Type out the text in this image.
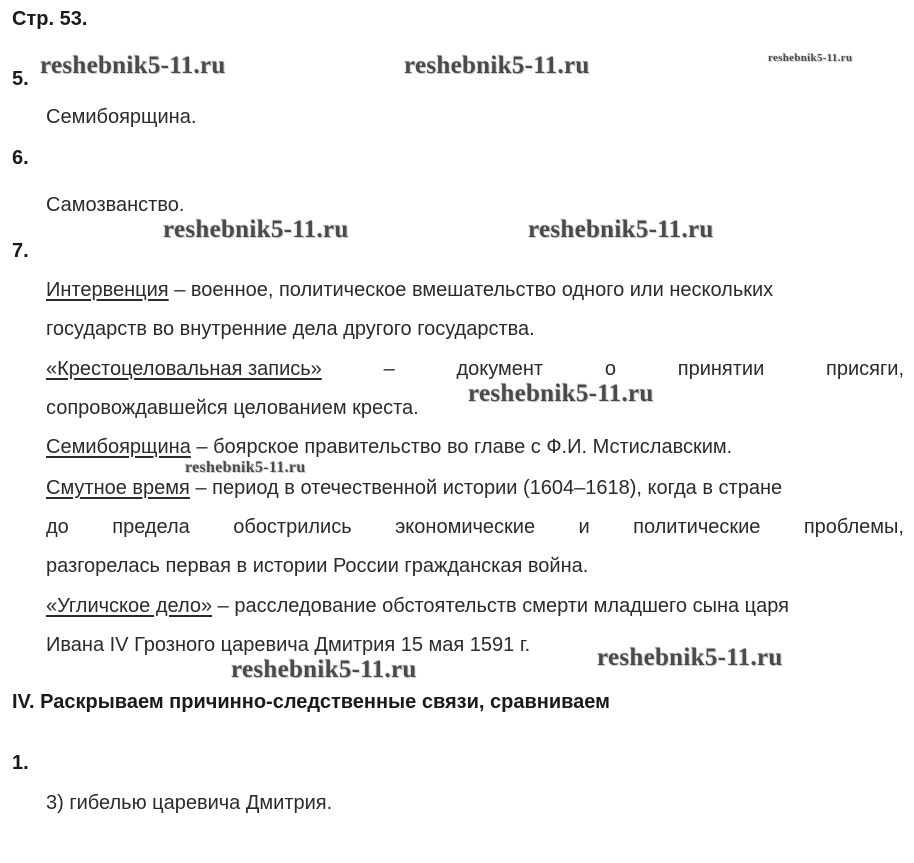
Стр. 53.
5.
Семибоярщина.
6.
Самозванство.
7.
Интервенция – военное, политическое вмешательство одного или нескольких
государств во внутренние дела другого государства.
«Крестоцеловальная запись»	–	документ	о	принятии	присяги,
сопровождавшейся целованием креста.
Семибоярщина – боярское правительство во главе с Ф.И. Мстиславским.
Смутное время – период в отечественной истории (1604–1618), когда в стране
до предела обострились экономические и политические проблемы,
разгорелась первая в истории России гражданская война.
«Угличское дело» – расследование обстоятельств смерти младшего сына царя
Ивана IV Грозного царевича Дмитрия 15 мая 1591 г.
IV. Раскрываем причинно-следственные связи, сравниваем
1.
3) гибелью царевича Дмитрия.
reshebnik5-11.ru	reshebnik5-11.ru	reshebnik5-11.ru
reshebnik5-11.ru	reshebnik5-11.ru
reshebnik5-11.ru
reshebnik5-11.ru
reshebnik5-11.ru	reshebnik5-11.ru
